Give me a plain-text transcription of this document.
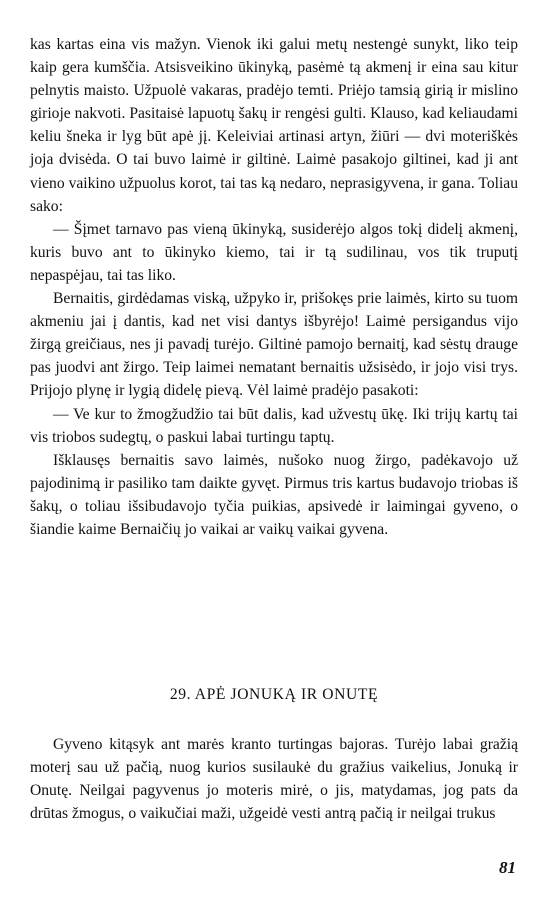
kas kartas eina vis mažyn. Vienok iki galui metų nestengė sunykt, liko teip kaip gera kumščia. Atsisveikino ūkinyką, pasėmė tą akmenį ir eina sau kitur pelnytis maisto. Užpuolė vakaras, pradėjo temti. Priėjo tamsią girią ir mislino girioje nakvoti. Pasitaisė lapuotų šakų ir rengėsi gulti. Klauso, kad keliaudami keliu šneka ir lyg būt apė jį. Keleiviai artinasi artyn, žiūri — dvi moteriškės joja dvisėda. O tai buvo laimė ir giltinė. Laimė pasakojo giltinei, kad ji ant vieno vaikino užpuolus korot, tai tas ką nedaro, neprasigyvena, ir gana. Toliau sako:

— Šįmet tarnavo pas vieną ūkinyką, susiderėjo algos tokį didelį akmenį, kuris buvo ant to ūkinyko kiemo, tai ir tą sudilinau, vos tik truputį nepaspėjau, tai tas liko.

Bernaitis, girdėdamas viską, užpyko ir, prišokęs prie laimės, kirto su tuom akmeniu jai į dantis, kad net visi dantys išbyrėjo! Laimė persigandus vijo žirgą greičiaus, nes ji pavadį turėjo. Giltinė pamojo bernaitį, kad sėstų drauge pas juodvi ant žirgo. Teip laimei nematant bernaitis užsisėdo, ir jojo visi trys. Prijojo plynę ir lygią didelę pievą. Vėl laimė pradėjo pasakoti:

— Ve kur to žmogžudžio tai būt dalis, kad užvestų ūkę. Iki trijų kartų tai vis triobos sudegtų, o paskui labai turtingu taptų.

Išklausęs bernaitis savo laimės, nušoko nuog žirgo, padėkavojo už pajodinimą ir pasiliko tam daikte gyvęt. Pirmus tris kartus budavojo triobas iš šakų, o toliau išsibudavojo tyčia puikias, apsivedė ir laimingai gyveno, o šiandie kaime Bernaičių jo vaikai ar vaikų vaikai gyvena.

29. APĖ JONUKĄ IR ONUTĘ

Gyveno kitąsyk ant marės kranto turtingas bajoras. Turėjo labai gražią moterį sau už pačią, nuog kurios susilaukė du gražius vaikelius, Jonuką ir Onutę. Neilgai pagyvenus jo moteris mirė, o jis, matydamas, jog pats da drūtas žmogus, o vaikučiai maži, užgeidė vesti antrą pačią ir neilgai trukus

81
